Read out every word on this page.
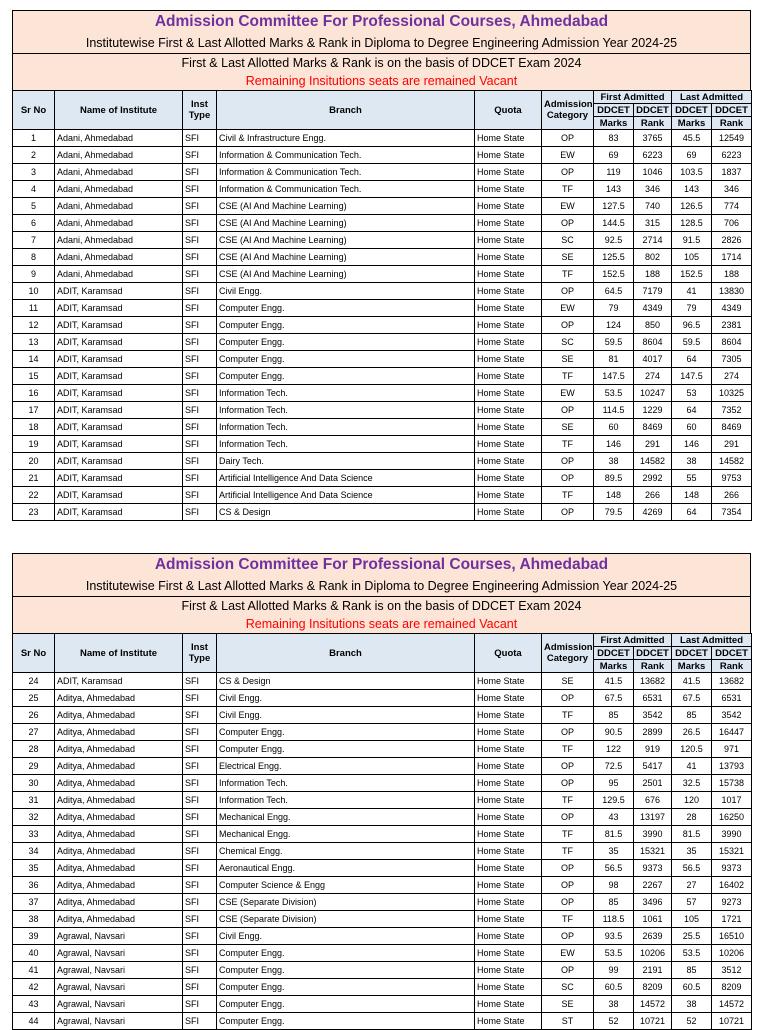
Admission Committee For Professional Courses, Ahmedabad
Institutewise First & Last Allotted Marks & Rank in Diploma to Degree Engineering Admission Year 2024-25
First & Last Allotted Marks & Rank is on the basis of DDCET Exam 2024
Remaining Insitutions seats are remained Vacant
Sr No	Name of Institute	Inst Type	Branch	Quota	Admission Category	First Admitted		Last Admitted	
						DDCET	DDCET	DDCET	DDCET
						Marks	Rank	Marks	Rank
1	Adani, Ahmedabad	SFI	Civil & Infrastructure Engg.	Home State	OP	83	3765	45.5	12549
2	Adani, Ahmedabad	SFI	Information & Communication Tech.	Home State	EW	69	6223	69	6223
3	Adani, Ahmedabad	SFI	Information & Communication Tech.	Home State	OP	119	1046	103.5	1837
4	Adani, Ahmedabad	SFI	Information & Communication Tech.	Home State	TF	143	346	143	346
5	Adani, Ahmedabad	SFI	CSE (AI And Machine Learning)	Home State	EW	127.5	740	126.5	774
6	Adani, Ahmedabad	SFI	CSE (AI And Machine Learning)	Home State	OP	144.5	315	128.5	706
7	Adani, Ahmedabad	SFI	CSE (AI And Machine Learning)	Home State	SC	92.5	2714	91.5	2826
8	Adani, Ahmedabad	SFI	CSE (AI And Machine Learning)	Home State	SE	125.5	802	105	1714
9	Adani, Ahmedabad	SFI	CSE (AI And Machine Learning)	Home State	TF	152.5	188	152.5	188
10	ADIT, Karamsad	SFI	Civil Engg.	Home State	OP	64.5	7179	41	13830
11	ADIT, Karamsad	SFI	Computer Engg.	Home State	EW	79	4349	79	4349
12	ADIT, Karamsad	SFI	Computer Engg.	Home State	OP	124	850	96.5	2381
13	ADIT, Karamsad	SFI	Computer Engg.	Home State	SC	59.5	8604	59.5	8604
14	ADIT, Karamsad	SFI	Computer Engg.	Home State	SE	81	4017	64	7305
15	ADIT, Karamsad	SFI	Computer Engg.	Home State	TF	147.5	274	147.5	274
16	ADIT, Karamsad	SFI	Information Tech.	Home State	EW	53.5	10247	53	10325
17	ADIT, Karamsad	SFI	Information Tech.	Home State	OP	114.5	1229	64	7352
18	ADIT, Karamsad	SFI	Information Tech.	Home State	SE	60	8469	60	8469
19	ADIT, Karamsad	SFI	Information Tech.	Home State	TF	146	291	146	291
20	ADIT, Karamsad	SFI	Dairy Tech.	Home State	OP	38	14582	38	14582
21	ADIT, Karamsad	SFI	Artificial Intelligence And Data Science	Home State	OP	89.5	2992	55	9753
22	ADIT, Karamsad	SFI	Artificial Intelligence And Data Science	Home State	TF	148	266	148	266
23	ADIT, Karamsad	SFI	CS & Design	Home State	OP	79.5	4269	64	7354
Admission Committee For Professional Courses, Ahmedabad
Institutewise First & Last Allotted Marks & Rank in Diploma to Degree Engineering Admission Year 2024-25
First & Last Allotted Marks & Rank is on the basis of DDCET Exam 2024
Remaining Insitutions seats are remained Vacant
Sr No	Name of Institute	Inst Type	Branch	Quota	Admission Category	First Admitted		Last Admitted	
						DDCET	DDCET	DDCET	DDCET
						Marks	Rank	Marks	Rank
24	ADIT, Karamsad	SFI	CS & Design	Home State	SE	41.5	13682	41.5	13682
25	Aditya, Ahmedabad	SFI	Civil Engg.	Home State	OP	67.5	6531	67.5	6531
26	Aditya, Ahmedabad	SFI	Civil Engg.	Home State	TF	85	3542	85	3542
27	Aditya, Ahmedabad	SFI	Computer Engg.	Home State	OP	90.5	2899	26.5	16447
28	Aditya, Ahmedabad	SFI	Computer Engg.	Home State	TF	122	919	120.5	971
29	Aditya, Ahmedabad	SFI	Electrical Engg.	Home State	OP	72.5	5417	41	13793
30	Aditya, Ahmedabad	SFI	Information Tech.	Home State	OP	95	2501	32.5	15738
31	Aditya, Ahmedabad	SFI	Information Tech.	Home State	TF	129.5	676	120	1017
32	Aditya, Ahmedabad	SFI	Mechanical Engg.	Home State	OP	43	13197	28	16250
33	Aditya, Ahmedabad	SFI	Mechanical Engg.	Home State	TF	81.5	3990	81.5	3990
34	Aditya, Ahmedabad	SFI	Chemical Engg.	Home State	TF	35	15321	35	15321
35	Aditya, Ahmedabad	SFI	Aeronautical Engg.	Home State	OP	56.5	9373	56.5	9373
36	Aditya, Ahmedabad	SFI	Computer Science & Engg	Home State	OP	98	2267	27	16402
37	Aditya, Ahmedabad	SFI	CSE (Separate Division)	Home State	OP	85	3496	57	9273
38	Aditya, Ahmedabad	SFI	CSE (Separate Division)	Home State	TF	118.5	1061	105	1721
39	Agrawal, Navsari	SFI	Civil Engg.	Home State	OP	93.5	2639	25.5	16510
40	Agrawal, Navsari	SFI	Computer Engg.	Home State	EW	53.5	10206	53.5	10206
41	Agrawal, Navsari	SFI	Computer Engg.	Home State	OP	99	2191	85	3512
42	Agrawal, Navsari	SFI	Computer Engg.	Home State	SC	60.5	8209	60.5	8209
43	Agrawal, Navsari	SFI	Computer Engg.	Home State	SE	38	14572	38	14572
44	Agrawal, Navsari	SFI	Computer Engg.	Home State	ST	52	10721	52	10721
